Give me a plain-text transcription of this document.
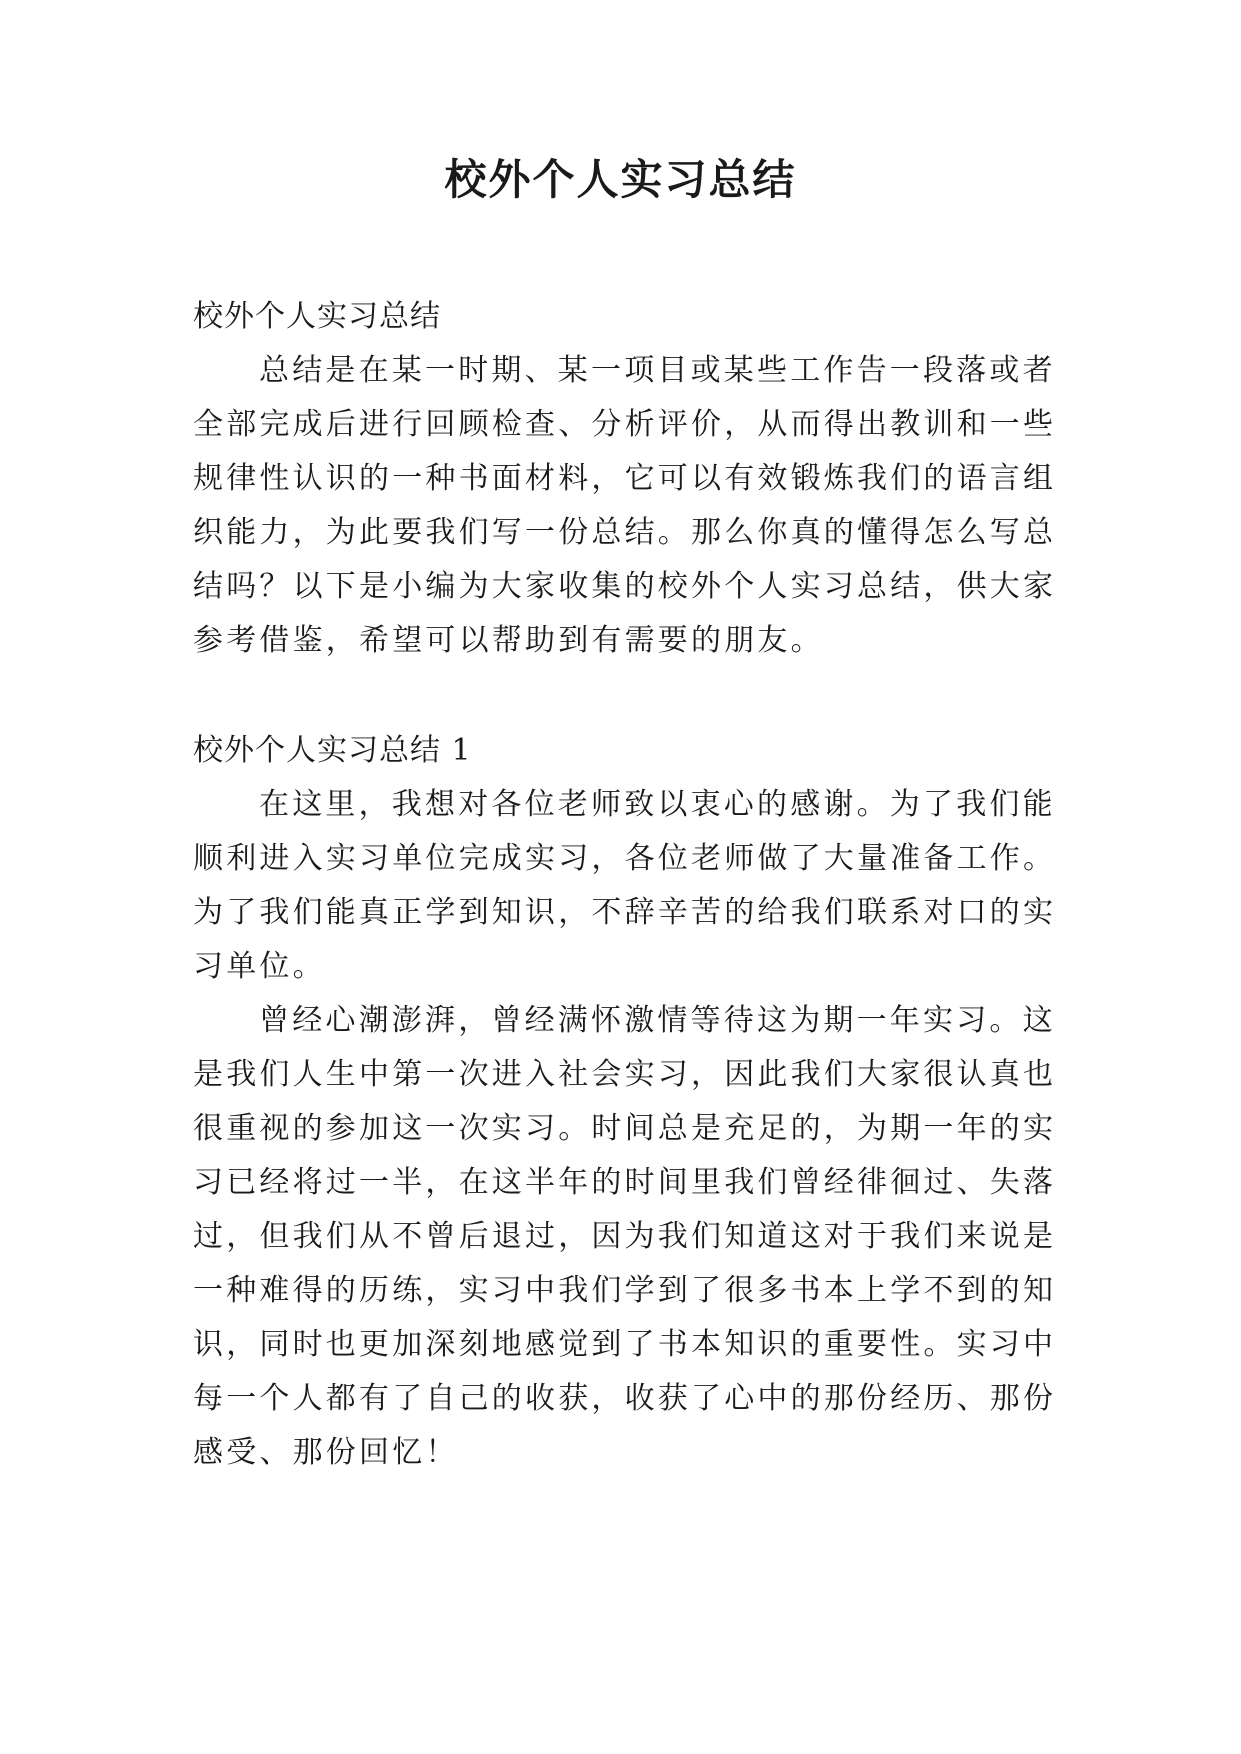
校外个人实习总结
校外个人实习总结
总结是在某一时期、某一项目或某些工作告一段落或者
全部完成后进行回顾检查、分析评价，从而得出教训和一些
规律性认识的一种书面材料，它可以有效锻炼我们的语言组
织能力，为此要我们写一份总结。那么你真的懂得怎么写总
结吗？以下是小编为大家收集的校外个人实习总结，供大家
参考借鉴，希望可以帮助到有需要的朋友。
校外个人实习总结 1
在这里，我想对各位老师致以衷心的感谢。为了我们能
顺利进入实习单位完成实习，各位老师做了大量准备工作。
为了我们能真正学到知识，不辞辛苦的给我们联系对口的实
习单位。
曾经心潮澎湃，曾经满怀激情等待这为期一年实习。这
是我们人生中第一次进入社会实习，因此我们大家很认真也
很重视的参加这一次实习。时间总是充足的，为期一年的实
习已经将过一半，在这半年的时间里我们曾经徘徊过、失落
过，但我们从不曾后退过，因为我们知道这对于我们来说是
一种难得的历练，实习中我们学到了很多书本上学不到的知
识，同时也更加深刻地感觉到了书本知识的重要性。实习中
每一个人都有了自己的收获，收获了心中的那份经历、那份
感受、那份回忆！
